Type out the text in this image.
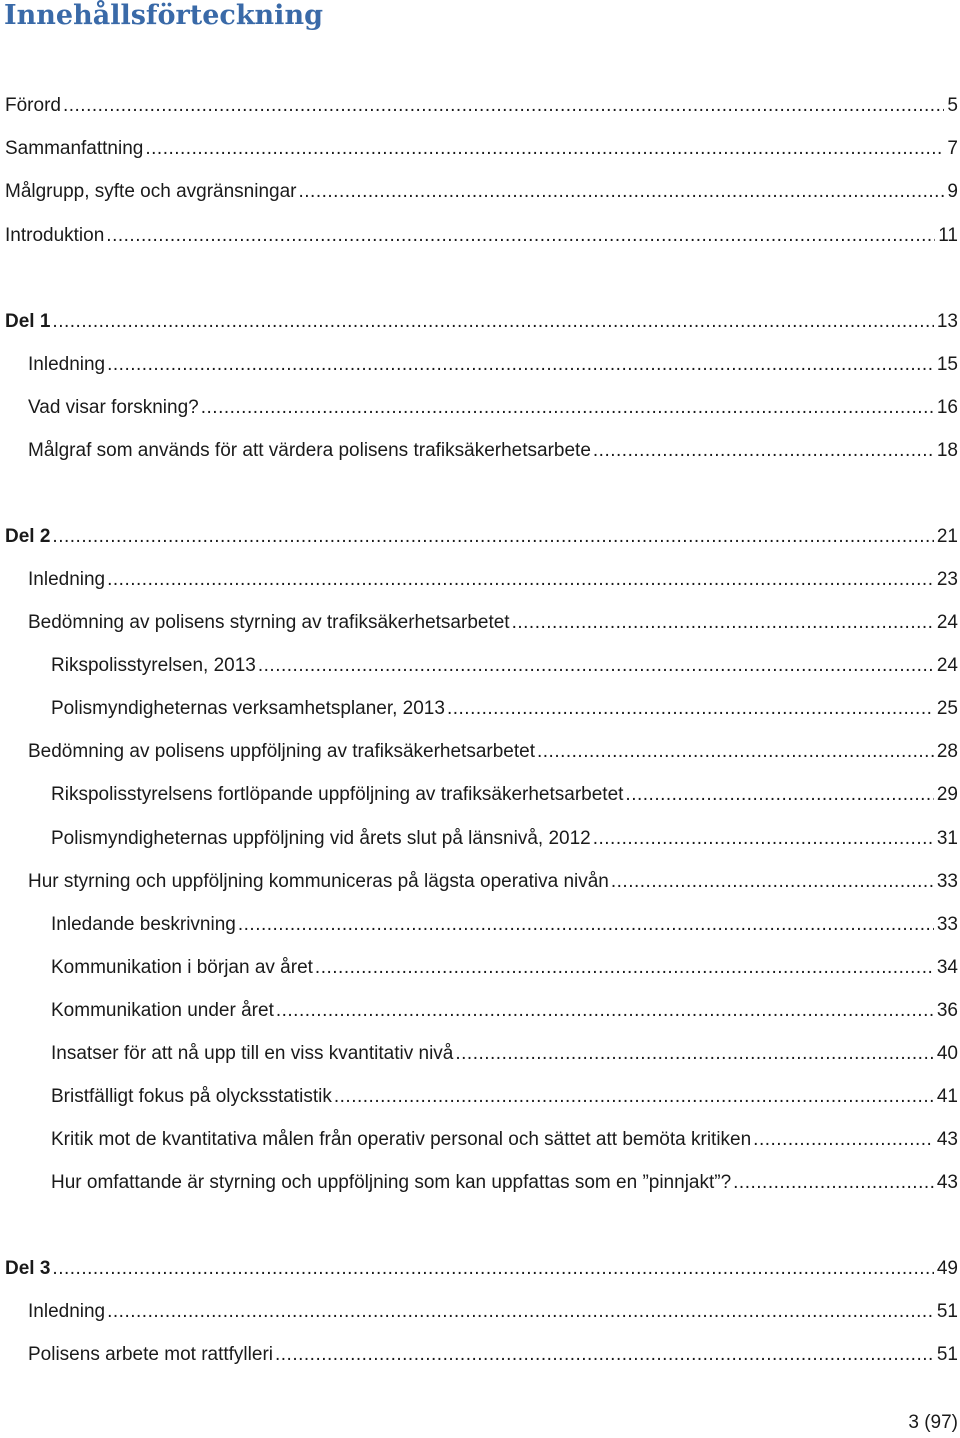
Innehållsförteckning
Förord .....	5
Sammanfattning .....	7
Målgrupp, syfte och avgränsningar .....	9
Introduktion .....	11
Del 1 .....	13
Inledning .....	15
Vad visar forskning? .....	16
Målgraf som används för att värdera polisens trafiksäkerhetsarbete .....	18
Del 2 .....	21
Inledning .....	23
Bedömning av polisens styrning av trafiksäkerhetsarbetet .....	24
Rikspolisstyrelsen, 2013 .....	24
Polismyndigheternas verksamhetsplaner, 2013 .....	25
Bedömning av polisens uppföljning av trafiksäkerhetsarbetet .....	28
Rikspolisstyrelsens fortlöpande uppföljning av trafiksäkerhetsarbetet .....	29
Polismyndigheternas uppföljning vid årets slut på länsnivå, 2012 .....	31
Hur styrning och uppföljning kommuniceras på lägsta operativa nivån .....	33
Inledande beskrivning .....	33
Kommunikation i början av året .....	34
Kommunikation under året .....	36
Insatser för att nå upp till en viss kvantitativ nivå .....	40
Bristfälligt fokus på olycksstatistik .....	41
Kritik mot de kvantitativa målen från operativ personal och sättet att bemöta kritiken .....	43
Hur omfattande är styrning och uppföljning som kan uppfattas som en ”pinnjakt”? .....	43
Del 3 .....	49
Inledning .....	51
Polisens arbete mot rattfylleri .....	51
3 (97)
